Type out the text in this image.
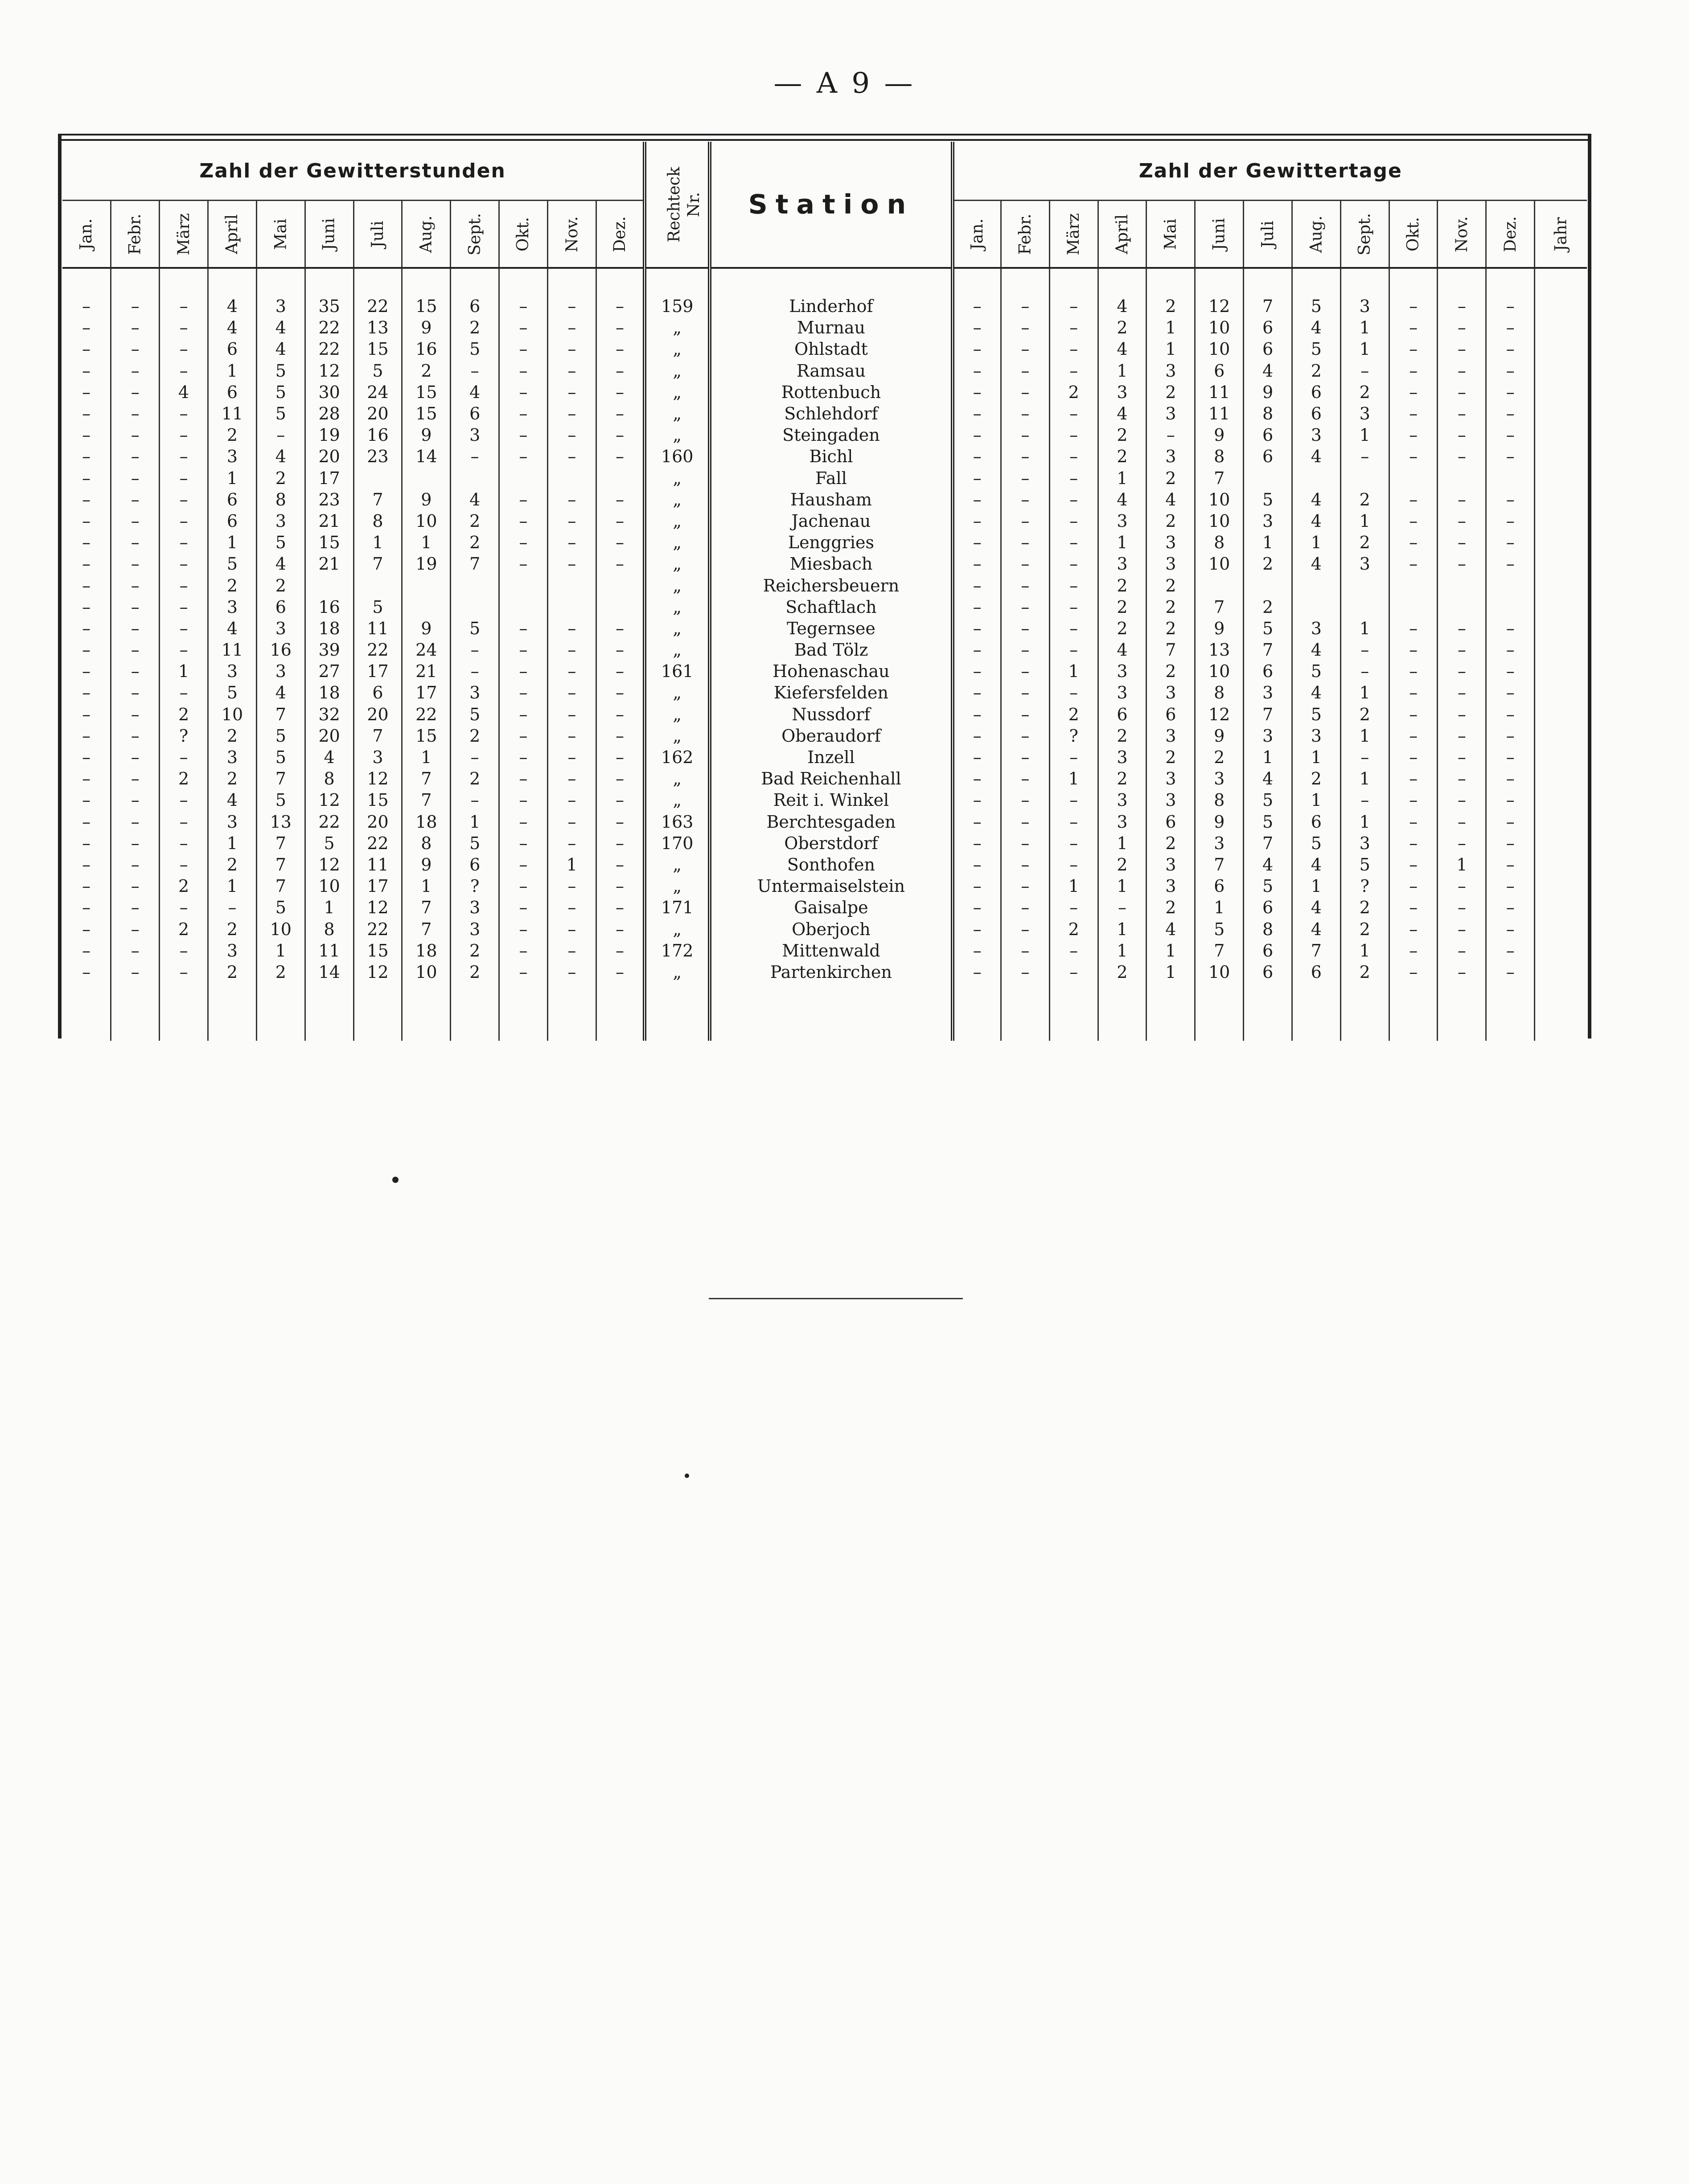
— A 9 —
Zahl der Gewitterstunden												Rechteck
Nr.	Station	Zahl der Gewittertage												
Jan.	Febr.	März	April	Mai	Juni	Juli	Aug.	Sept.	Okt.	Nov.	Dez.			Jan.	Febr.	März	April	Mai	Juni	Juli	Aug.	Sept.	Okt.	Nov.	Dez.	Jahr

–	–	–	4	3	35	22	15	6	–	–	–	159	Linderhof	–	–	–	4	2	12	7	5	3	–	–	–	
–	–	–	4	4	22	13	9	2	–	–	–	„	Murnau	–	–	–	2	1	10	6	4	1	–	–	–	
–	–	–	6	4	22	15	16	5	–	–	–	„	Ohlstadt	–	–	–	4	1	10	6	5	1	–	–	–	
–	–	–	1	5	12	5	2	–	–	–	–	„	Ramsau	–	–	–	1	3	6	4	2	–	–	–	–	
–	–	4	6	5	30	24	15	4	–	–	–	„	Rottenbuch	–	–	2	3	2	11	9	6	2	–	–	–	
–	–	–	11	5	28	20	15	6	–	–	–	„	Schlehdorf	–	–	–	4	3	11	8	6	3	–	–	–	
–	–	–	2	–	19	16	9	3	–	–	–	„	Steingaden	–	–	–	2	–	9	6	3	1	–	–	–	
–	–	–	3	4	20	23	14	–	–	–	–	160	Bichl	–	–	–	2	3	8	6	4	–	–	–	–	
–	–	–	1	2	17							„	Fall	–	–	–	1	2	7							
–	–	–	6	8	23	7	9	4	–	–	–	„	Hausham	–	–	–	4	4	10	5	4	2	–	–	–	
–	–	–	6	3	21	8	10	2	–	–	–	„	Jachenau	–	–	–	3	2	10	3	4	1	–	–	–	
–	–	–	1	5	15	1	1	2	–	–	–	„	Lenggries	–	–	–	1	3	8	1	1	2	–	–	–	
–	–	–	5	4	21	7	19	7	–	–	–	„	Miesbach	–	–	–	3	3	10	2	4	3	–	–	–	
–	–	–	2	2								„	Reichersbeuern	–	–	–	2	2								
–	–	–	3	6	16	5						„	Schaftlach	–	–	–	2	2	7	2						
–	–	–	4	3	18	11	9	5	–	–	–	„	Tegernsee	–	–	–	2	2	9	5	3	1	–	–	–	
–	–	–	11	16	39	22	24	–	–	–	–	„	Bad Tölz	–	–	–	4	7	13	7	4	–	–	–	–	
–	–	1	3	3	27	17	21	–	–	–	–	161	Hohenaschau	–	–	1	3	2	10	6	5	–	–	–	–	
–	–	–	5	4	18	6	17	3	–	–	–	„	Kiefersfelden	–	–	–	3	3	8	3	4	1	–	–	–	
–	–	2	10	7	32	20	22	5	–	–	–	„	Nussdorf	–	–	2	6	6	12	7	5	2	–	–	–	
–	–	?	2	5	20	7	15	2	–	–	–	„	Oberaudorf	–	–	?	2	3	9	3	3	1	–	–	–	
–	–	–	3	5	4	3	1	–	–	–	–	162	Inzell	–	–	–	3	2	2	1	1	–	–	–	–	
–	–	2	2	7	8	12	7	2	–	–	–	„	Bad Reichenhall	–	–	1	2	3	3	4	2	1	–	–	–	
–	–	–	4	5	12	15	7	–	–	–	–	„	Reit i. Winkel	–	–	–	3	3	8	5	1	–	–	–	–	
–	–	–	3	13	22	20	18	1	–	–	–	163	Berchtesgaden	–	–	–	3	6	9	5	6	1	–	–	–	
–	–	–	1	7	5	22	8	5	–	–	–	170	Oberstdorf	–	–	–	1	2	3	7	5	3	–	–	–	
–	–	–	2	7	12	11	9	6	–	1	–	„	Sonthofen	–	–	–	2	3	7	4	4	5	–	1	–	
–	–	2	1	7	10	17	1	?	–	–	–	„	Untermaiselstein	–	–	1	1	3	6	5	1	?	–	–	–	
–	–	–	–	5	1	12	7	3	–	–	–	171	Gaisalpe	–	–	–	–	2	1	6	4	2	–	–	–	
–	–	2	2	10	8	22	7	3	–	–	–	„	Oberjoch	–	–	2	1	4	5	8	4	2	–	–	–	
–	–	–	3	1	11	15	18	2	–	–	–	172	Mittenwald	–	–	–	1	1	7	6	7	1	–	–	–	
–	–	–	2	2	14	12	10	2	–	–	–	„	Partenkirchen	–	–	–	2	1	10	6	6	2	–	–	–	
